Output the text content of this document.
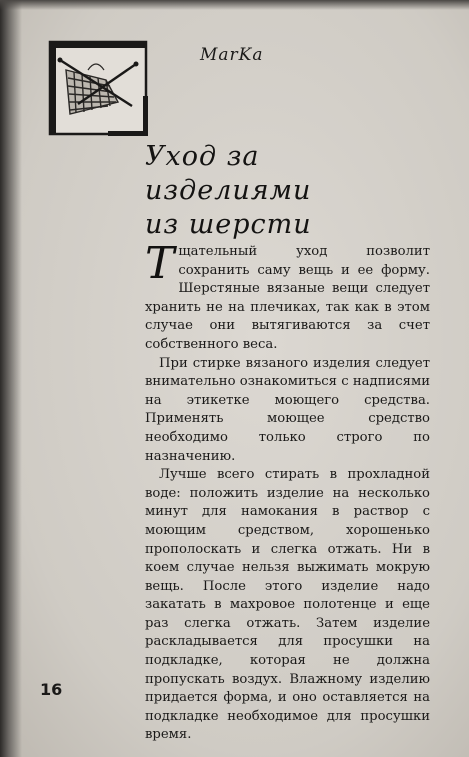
MarKa
Уход за изделиями
из шерсти

Тщательный уход позволит сохранить саму вещь и ее форму. Шерстяные вязаные вещи следует хранить не на плечиках, так как в этом случае они вытягиваются за счет собственного веса.

При стирке вязаного изделия следует внимательно ознакомиться с надписями на этикетке моющего средства. Применять моющее средство необходимо только строго по назначению.

Лучше всего стирать в прохладной воде: положить изделие на несколько минут для намокания в раствор с моющим средством, хорошенько прополоскать и слегка отжать. Ни в коем случае нельзя выжимать мокрую вещь. После этого изделие надо закатать в махровое полотенце и еще раз слегка отжать. Затем изделие раскладывается для просушки на подкладке, которая не должна пропускать воздух. Влажному изделию придается форма, и оно оставляется на подкладке необходимое для просушки время.

16
